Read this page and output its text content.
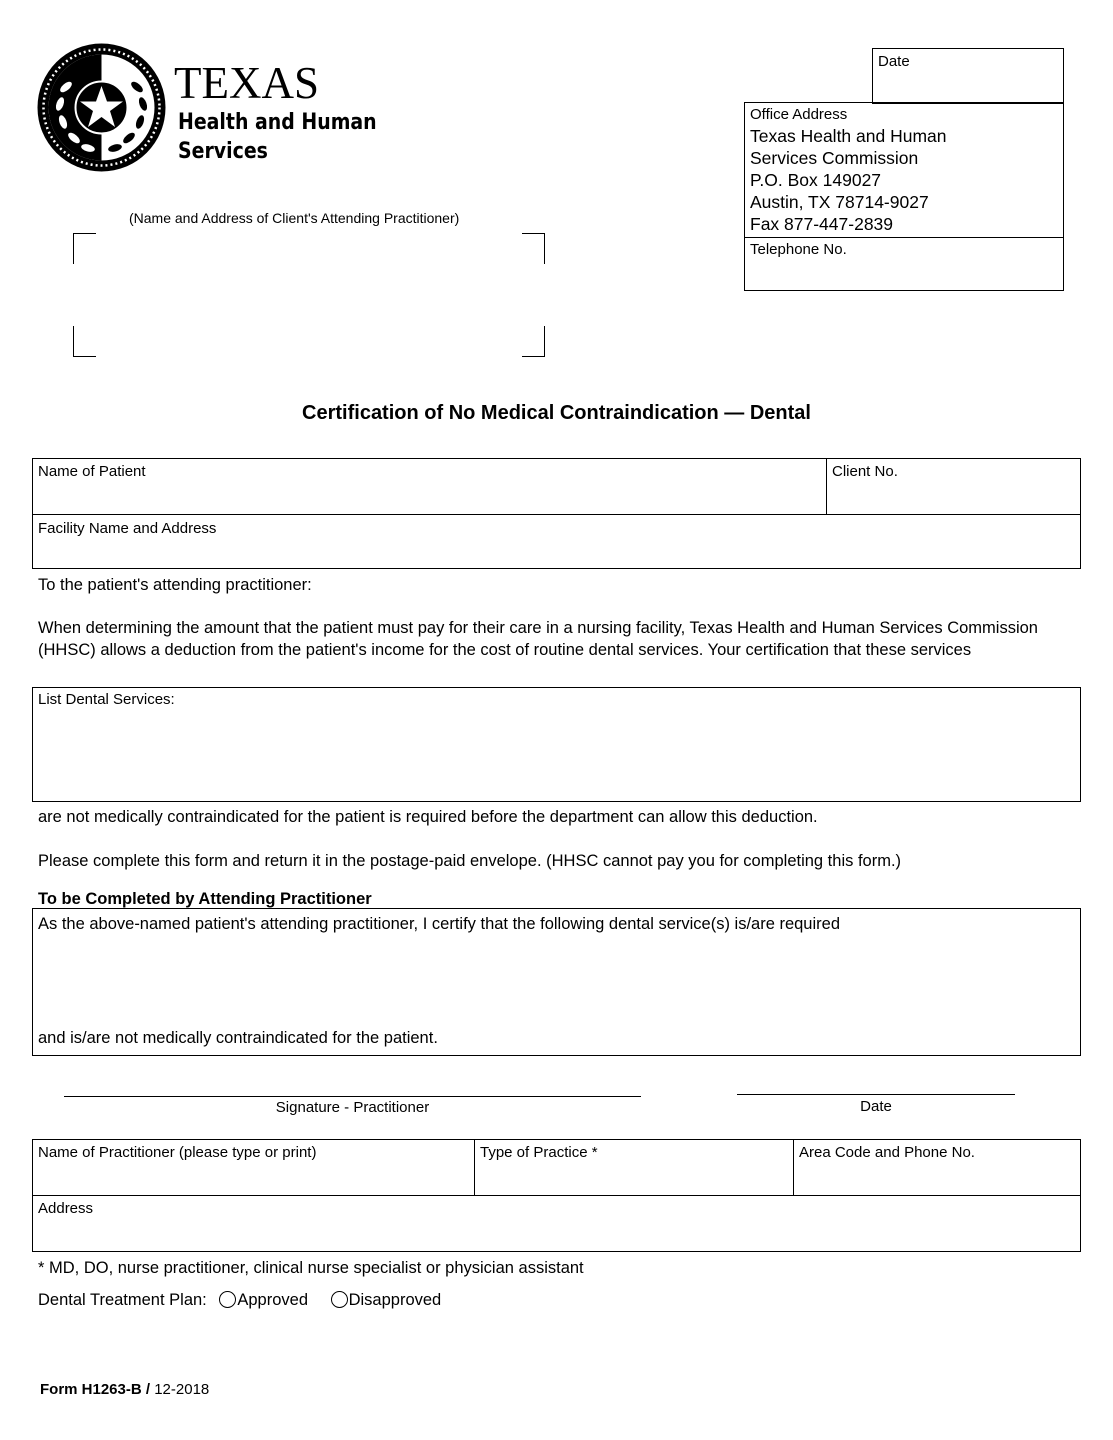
TEXAS
Health and Human
Services
Date
Office Address
Texas Health and Human
Services Commission
P.O. Box 149027
Austin, TX 78714-9027
Fax 877-447-2839
Telephone No.
(Name and Address of Client's Attending Practitioner)
Certification of No Medical Contraindication — Dental
Name of Patient	Client No.
Facility Name and Address
To the patient's attending practitioner:
When determining the amount that the patient must pay for their care in a nursing facility, Texas Health and Human Services Commission (HHSC) allows a deduction from the patient's income for the cost of routine dental services. Your certification that these services
List Dental Services:
are not medically contraindicated for the patient is required before the department can allow this deduction.
Please complete this form and return it in the postage-paid envelope. (HHSC cannot pay you for completing this form.)
To be Completed by Attending Practitioner
As the above-named patient's attending practitioner, I certify that the following dental service(s) is/are required
and is/are not medically contraindicated for the patient.
Signature - Practitioner	Date
Name of Practitioner (please type or print)	Type of Practice *	Area Code and Phone No.
Address
* MD, DO, nurse practitioner, clinical nurse specialist or physician assistant
Dental Treatment Plan: Approved Disapproved
Form H1263-B / 12-2018
